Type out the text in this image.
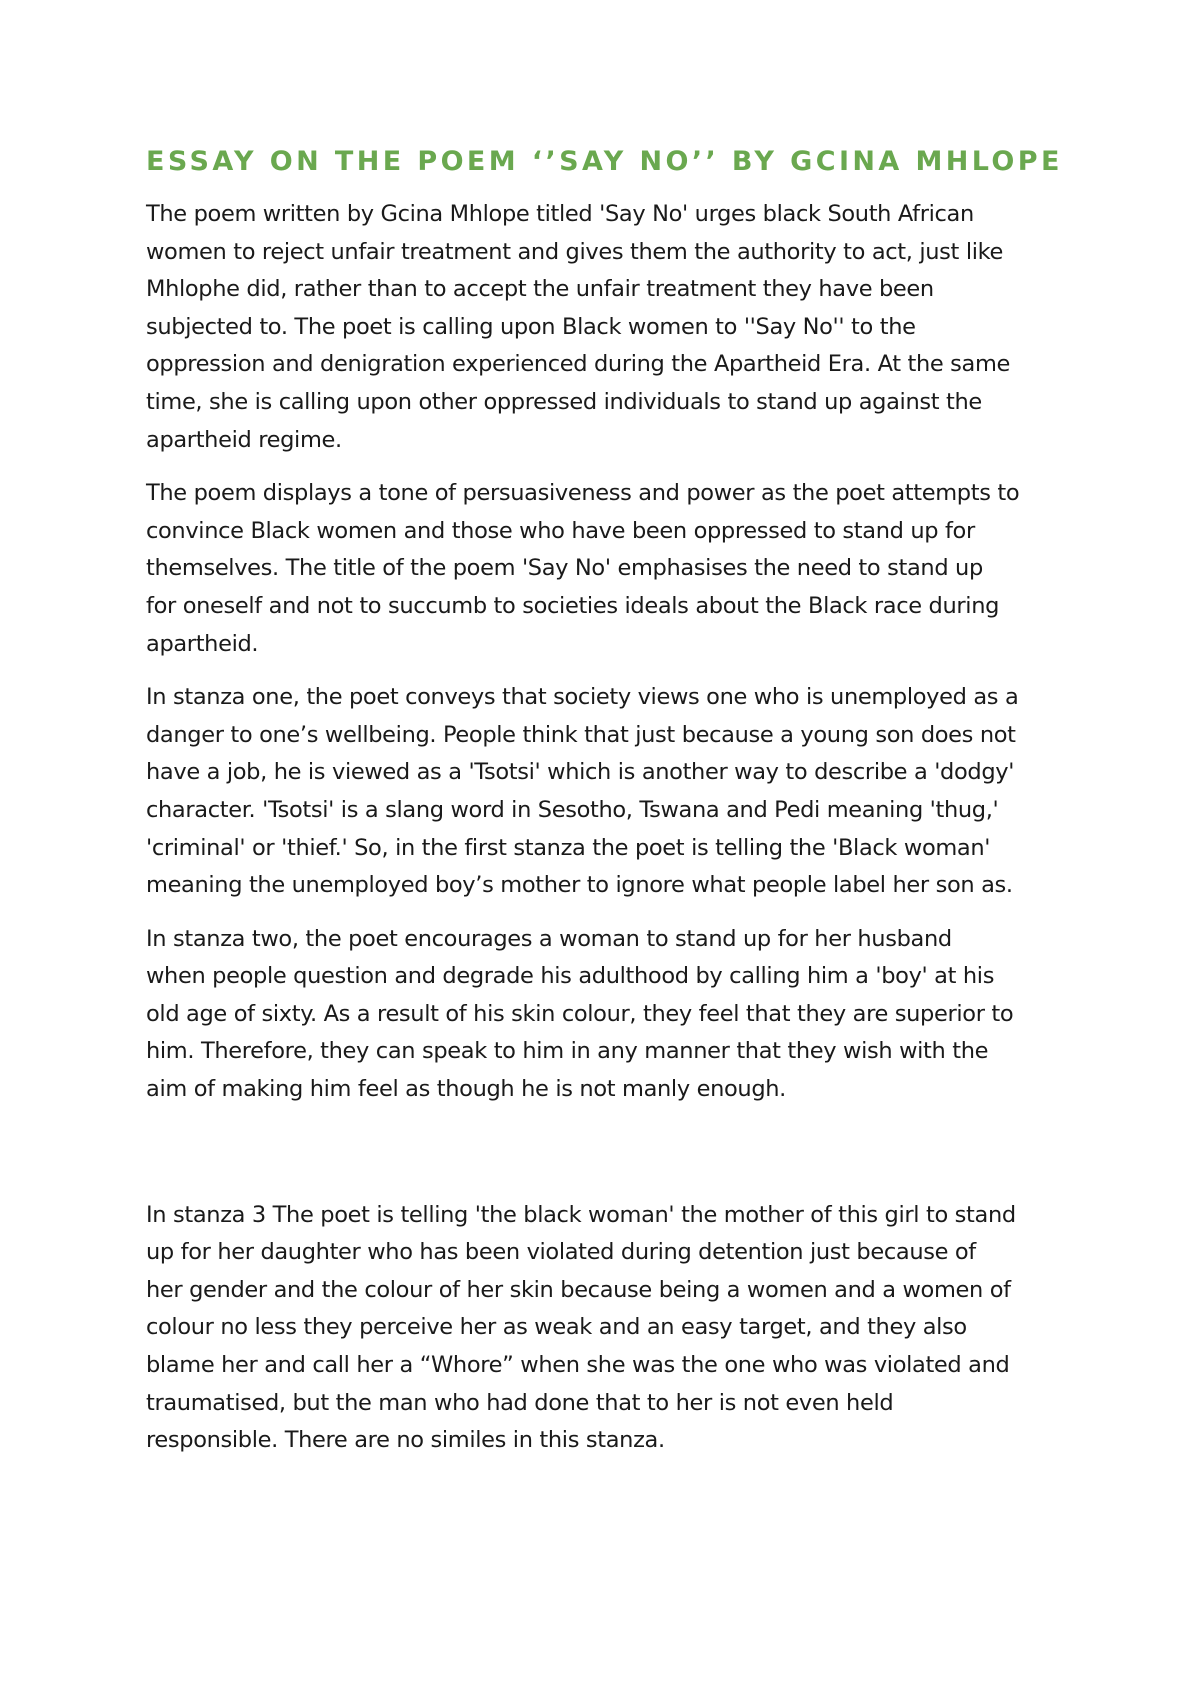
ESSAY ON THE POEM ‘’SAY NO’’ BY GCINA MHLOPE
The poem written by Gcina Mhlope titled 'Say No' urges black South African
women to reject unfair treatment and gives them the authority to act, just like
Mhlophe did, rather than to accept the unfair treatment they have been
subjected to. The poet is calling upon Black women to ''Say No'' to the
oppression and denigration experienced during the Apartheid Era. At the same
time, she is calling upon other oppressed individuals to stand up against the
apartheid regime.
The poem displays a tone of persuasiveness and power as the poet attempts to
convince Black women and those who have been oppressed to stand up for
themselves. The title of the poem 'Say No' emphasises the need to stand up
for oneself and not to succumb to societies ideals about the Black race during
apartheid.
In stanza one, the poet conveys that society views one who is unemployed as a
danger to one’s wellbeing. People think that just because a young son does not
have a job, he is viewed as a 'Tsotsi' which is another way to describe a 'dodgy'
character. 'Tsotsi' is a slang word in Sesotho, Tswana and Pedi meaning 'thug,'
'criminal' or 'thief.' So, in the first stanza the poet is telling the 'Black woman'
meaning the unemployed boy’s mother to ignore what people label her son as.
In stanza two, the poet encourages a woman to stand up for her husband
when people question and degrade his adulthood by calling him a 'boy' at his
old age of sixty. As a result of his skin colour, they feel that they are superior to
him. Therefore, they can speak to him in any manner that they wish with the
aim of making him feel as though he is not manly enough.
In stanza 3 The poet is telling 'the black woman' the mother of this girl to stand
up for her daughter who has been violated during detention just because of
her gender and the colour of her skin because being a women and a women of
colour no less they perceive her as weak and an easy target, and they also
blame her and call her a “Whore” when she was the one who was violated and
traumatised, but the man who had done that to her is not even held
responsible. There are no similes in this stanza.
